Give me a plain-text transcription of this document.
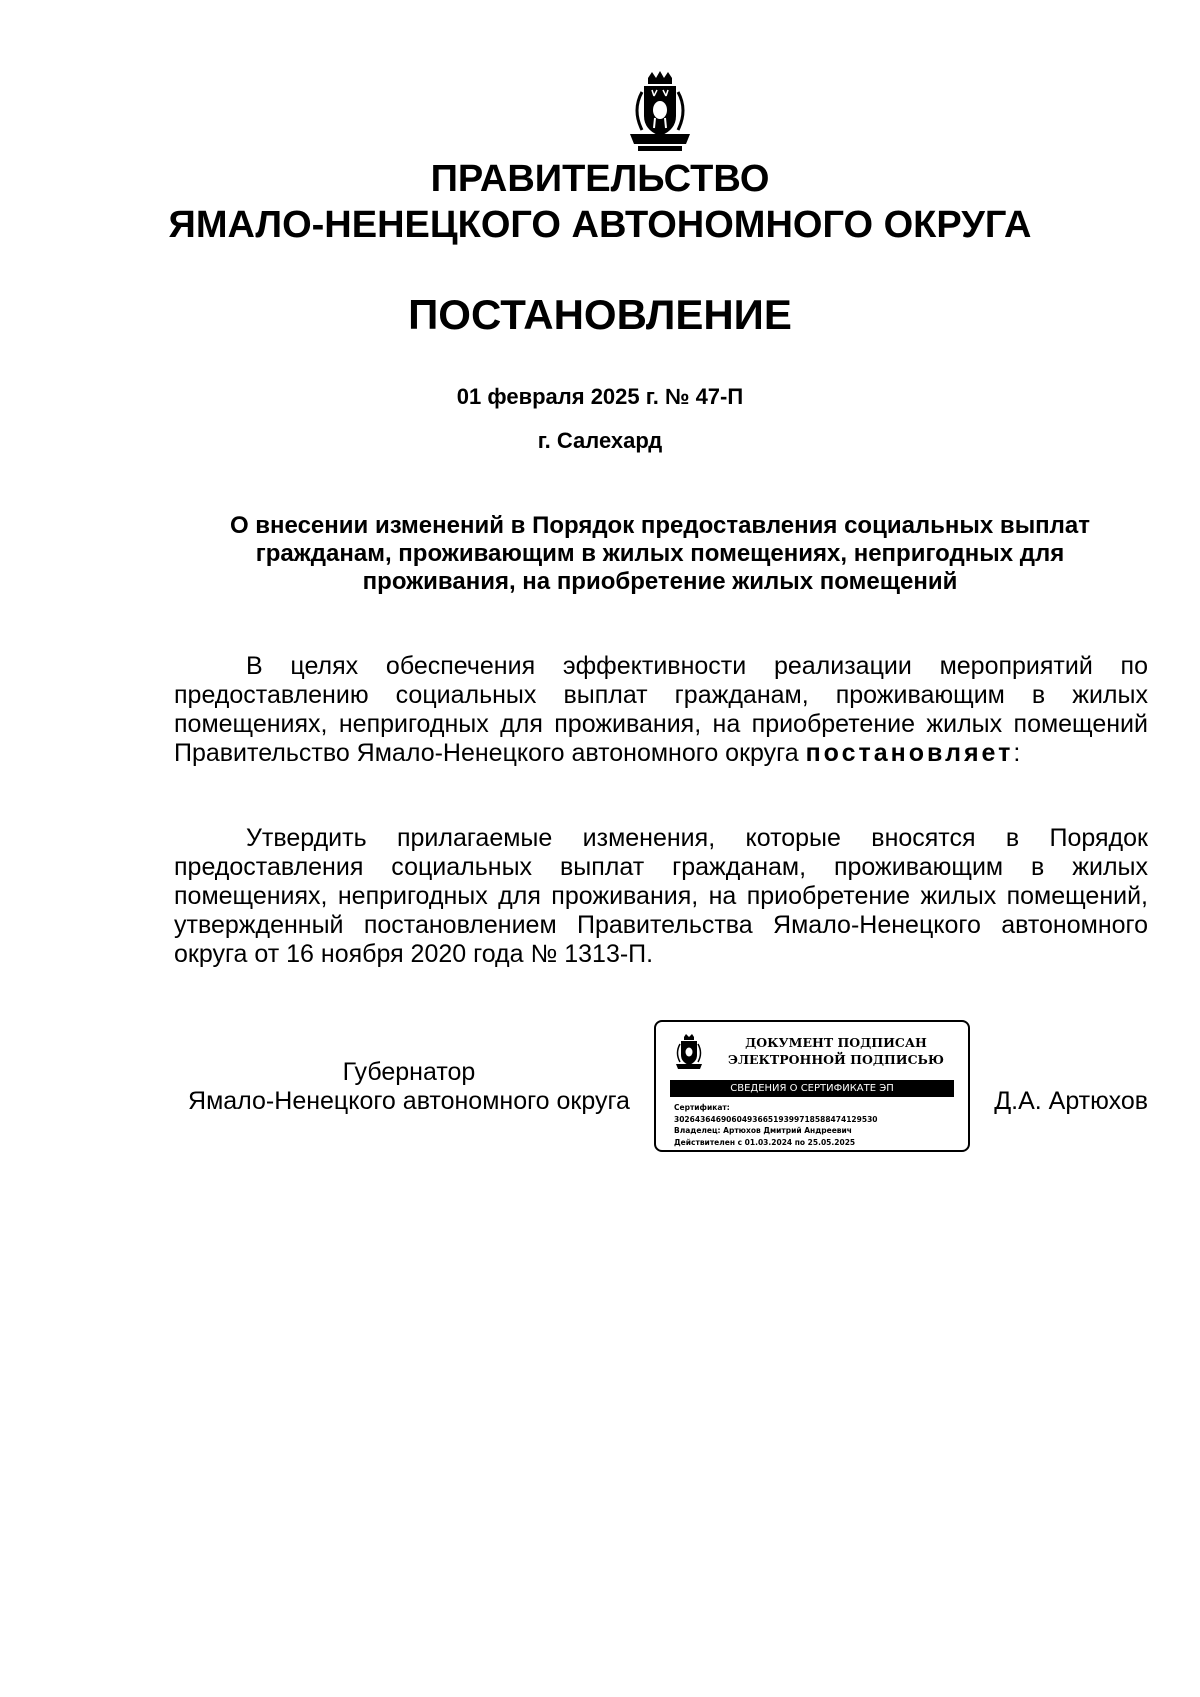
ПРАВИТЕЛЬСТВО
ЯМАЛО-НЕНЕЦКОГО АВТОНОМНОГО ОКРУГА
ПОСТАНОВЛЕНИЕ
01 февраля 2025 г. № 47-П
г. Салехард
О внесении изменений в Порядок предоставления социальных выплат гражданам, проживающим в жилых помещениях, непригодных для проживания, на приобретение жилых помещений
В целях обеспечения эффективности реализации мероприятий по предоставлению социальных выплат гражданам, проживающим в жилых помещениях, непригодных для проживания, на приобретение жилых помещений Правительство Ямало-Ненецкого автономного округа постановляет:
Утвердить прилагаемые изменения, которые вносятся в Порядок предоставления социальных выплат гражданам, проживающим в жилых помещениях, непригодных для проживания, на приобретение жилых помещений, утвержденный постановлением Правительства Ямало-Ненецкого автономного округа от 16 ноября 2020 года № 1313-П.
Губернатор
Ямало-Ненецкого автономного округа
ДОКУМЕНТ ПОДПИСАН
ЭЛЕКТРОННОЙ ПОДПИСЬЮ
СВЕДЕНИЯ О СЕРТИФИКАТЕ ЭП
Сертификат:
302643646906049366519399718588474129530
Владелец: Артюхов Дмитрий Андреевич
Действителен с 01.03.2024 по 25.05.2025
Д.А. Артюхов
